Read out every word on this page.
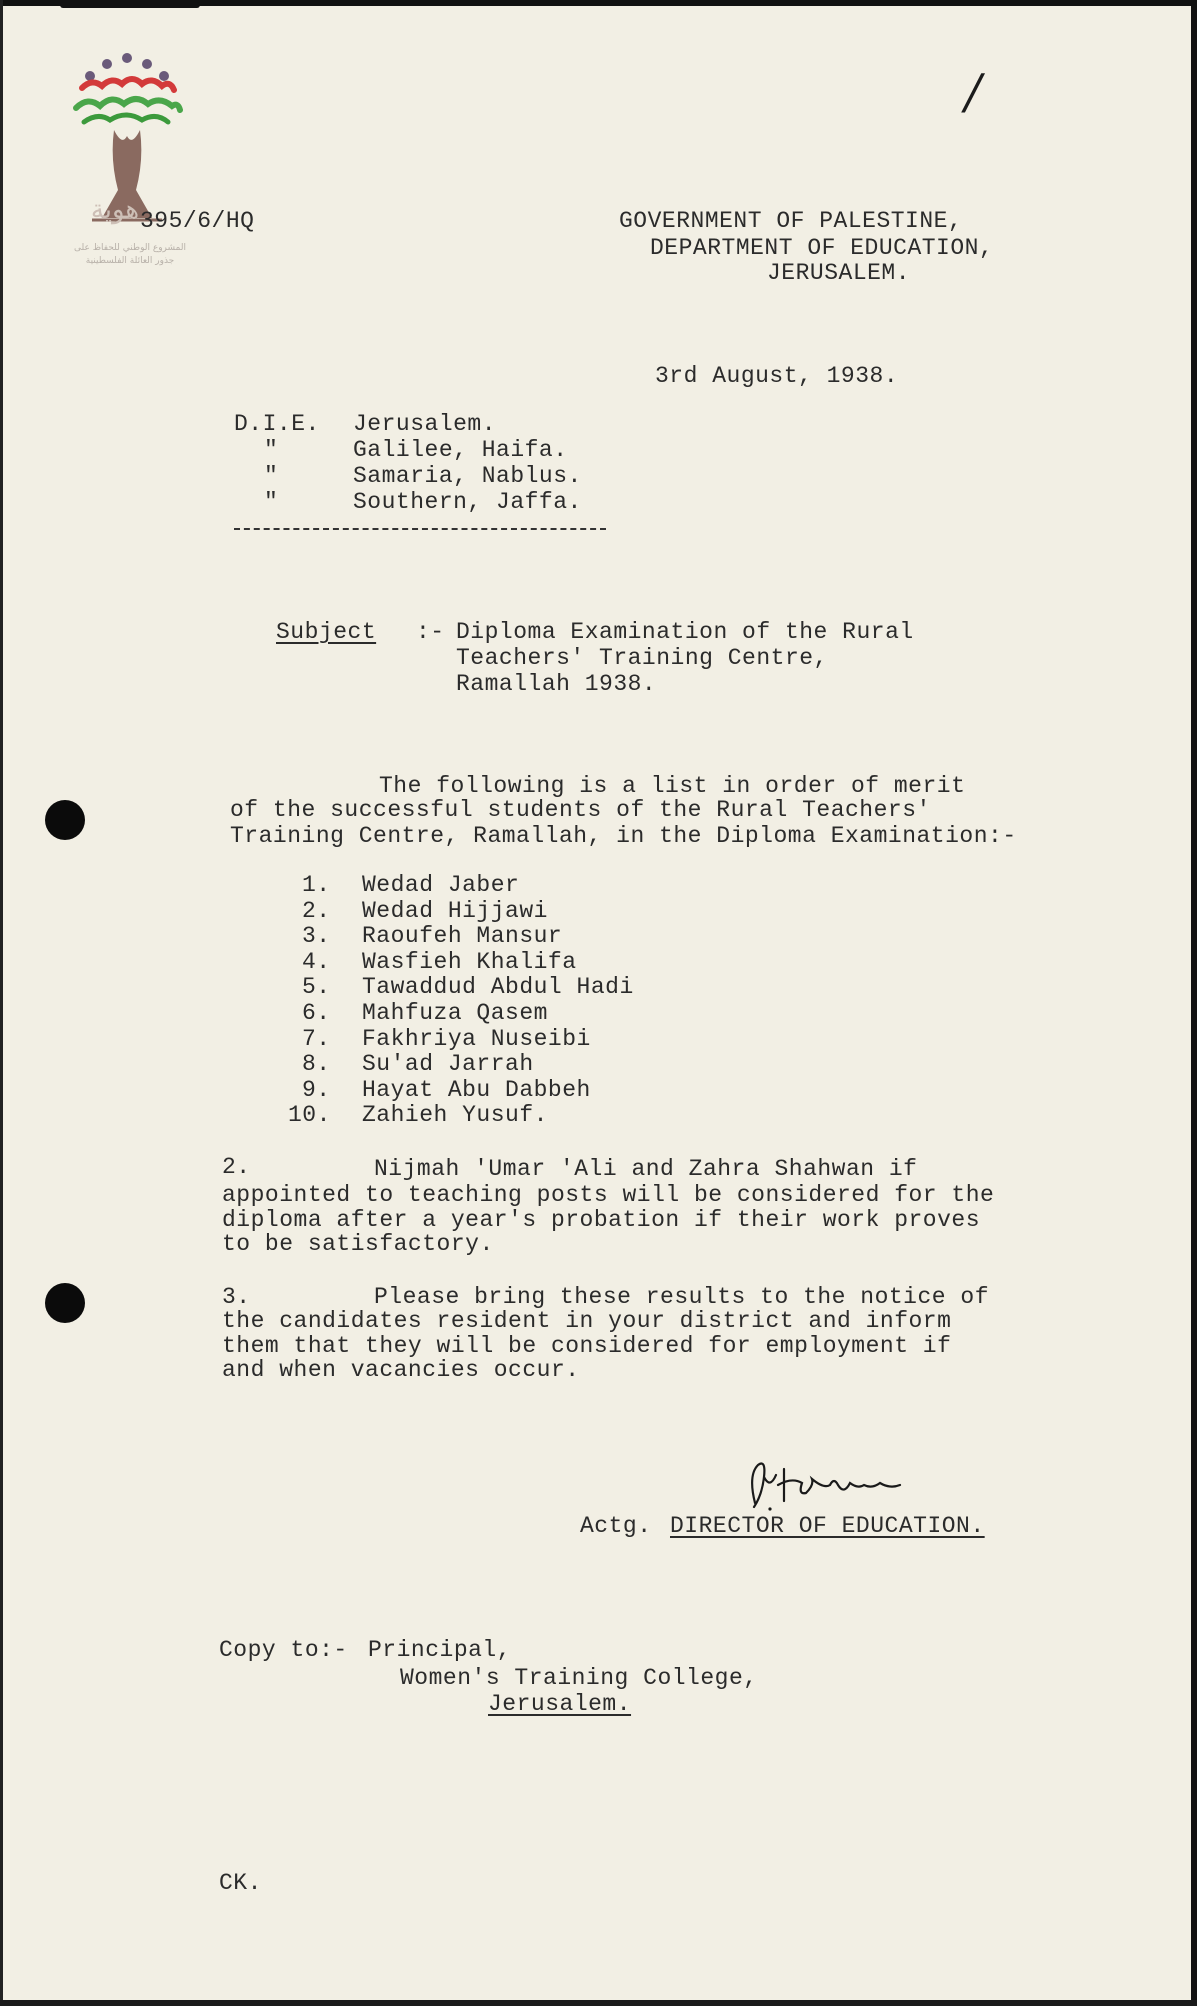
هوية
المشروع الوطني للحفاظ على
جذور العائلة الفلسطينية
/
395/6/HQ	GOVERNMENT OF PALESTINE,
DEPARTMENT OF EDUCATION,
JERUSALEM.
3rd August, 1938.
D.I.E. Jerusalem.
"	Galilee, Haifa.
"	Samaria, Nablus.
"	Southern, Jaffa.
Subject :- Diploma Examination of the Rural
Teachers' Training Centre,
Ramallah 1938.
The following is a list in order of merit
of the successful students of the Rural Teachers'
Training Centre, Ramallah, in the Diploma Examination:-
1. Wedad Jaber
2. Wedad Hijjawi
3. Raoufeh Mansur
4. Wasfieh Khalifa
5. Tawaddud Abdul Hadi
6. Mahfuza Qasem
7. Fakhriya Nuseibi
8. Su'ad Jarrah
9. Hayat Abu Dabbeh
10. Zahieh Yusuf.
2.	Nijmah 'Umar 'Ali and Zahra Shahwan if
appointed to teaching posts will be considered for the
diploma after a year's probation if their work proves
to be satisfactory.
3.	Please bring these results to the notice of
the candidates resident in your district and inform
them that they will be considered for employment if
and when vacancies occur.
Actg. DIRECTOR OF EDUCATION.
Copy to:- Principal,
Women's Training College,
Jerusalem.
CK.
